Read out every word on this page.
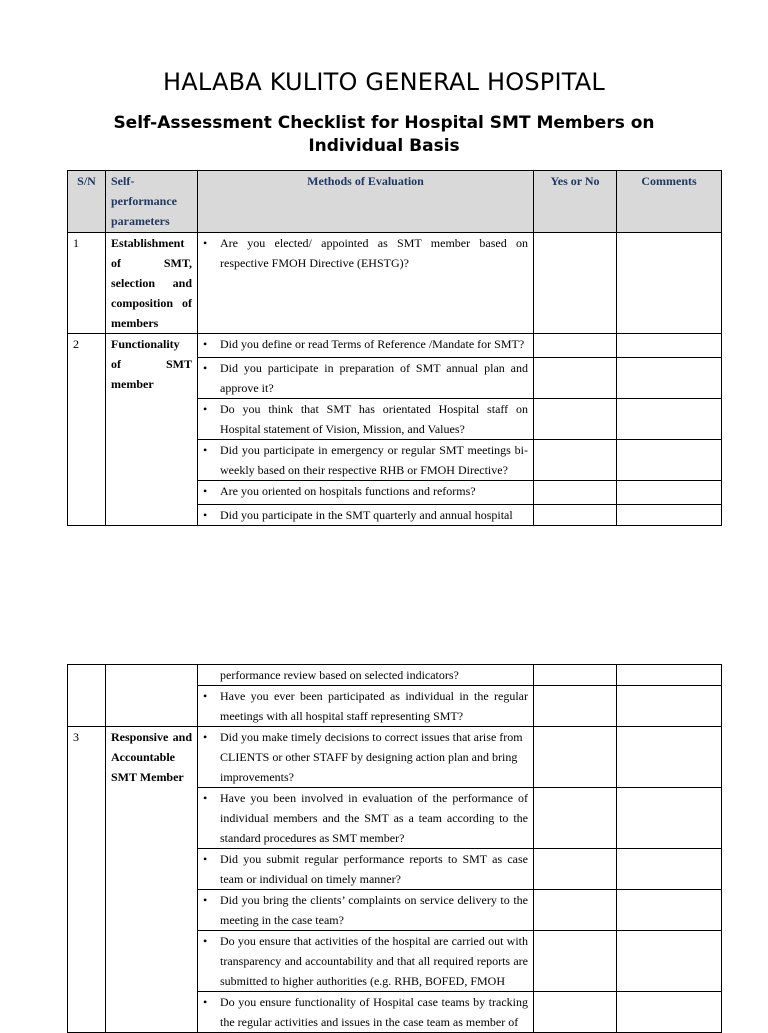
HALABA KULITO GENERAL HOSPITAL
Self-Assessment Checklist for Hospital SMT Members on Individual Basis
S/N	Self-performance parameters	Methods of Evaluation	Yes or No	Comments
1	Establishment of SMT, selection and composition of members	• Are you elected/ appointed as SMT member based on respective FMOH Directive (EHSTG)?		
2	Functionality of SMT member	• Did you define or read Terms of Reference /Mandate for SMT?		

		• Did you participate in preparation of SMT annual plan and approve it?		

		• Do you think that SMT has orientated Hospital staff on Hospital statement of Vision, Mission, and Values?		

		• Did you participate in emergency or regular SMT meetings bi-weekly based on their respective RHB or FMOH Directive?		

		• Are you oriented on hospitals functions and reforms?		

		• Did you participate in the SMT quarterly and annual hospital		
		performance review based on selected indicators?		

		• Have you ever been participated as individual in the regular meetings with all hospital staff representing SMT?		
3	Responsive and Accountable SMT Member	• Did you make timely decisions to correct issues that arise from CLIENTS or other STAFF by designing action plan and bring improvements?		

		• Have you been involved in evaluation of the performance of individual members and the SMT as a team according to the standard procedures as SMT member?		

		• Did you submit regular performance reports to SMT as case team or individual on timely manner?		

		• Did you bring the clients’ complaints on service delivery to the meeting in the case team?		

		• Do you ensure that activities of the hospital are carried out with transparency and accountability and that all required reports are submitted to higher authorities (e.g. RHB, BOFED, FMOH		

		• Do you ensure functionality of Hospital case teams by tracking the regular activities and issues in the case team as member of		
